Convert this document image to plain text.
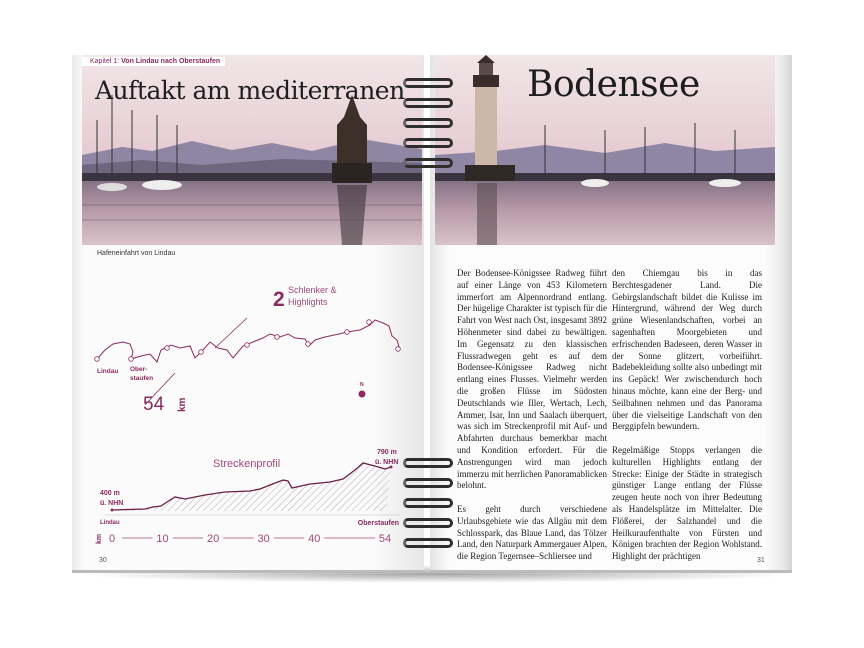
Kapitel 1: Von Lindau nach Oberstaufen
Auftakt am mediterranen	Bodensee
Hafeneinfahrt von Lindau
Lindau Ober-
staufen
2 Schlenker &
Highlights
54 km
N
Streckenprofil
400 m
ü. NHN
790 m
ü. NHN
Lindau	Oberstaufen
km 0	10	20	30	40	54

Der Bodensee-Königssee Radweg führt auf einer Länge von 453 Kilometern immerfort am Alpennordrand entlang. Der hügelige Charakter ist typisch für die Fahrt von West nach Ost, insgesamt 3892 Höhenmeter sind dabei zu bewältigen. Im Gegensatz zu den klassischen Flussradwegen geht es auf dem Bodensee-Königssee Radweg nicht entlang eines Flusses. Vielmehr werden die großen Flüsse im Südosten Deutschlands wie Iller, Wertach, Lech, Ammer, Isar, Inn und Saalach überquert, was sich im Streckenprofil mit Auf- und Abfahrten durchaus bemerkbar macht und Kondition erfordert. Für die Anstrengungen wird man jedoch immerzu mit herrlichen Panoramablicken belohnt.

Es geht durch verschiedene Urlaubsgebiete wie das Allgäu mit dem Schlosspark, das Blaue Land, das Tölzer Land, den Naturpark Ammergauer Alpen, die Region Tegernsee–Schliersee und

den Chiemgau bis in das Berchtesgadener Land. Die Gebirgslandschaft bildet die Kulisse im Hintergrund, während der Weg durch grüne Wiesenlandschaften, vorbei an sagenhaften Moorgebieten und erfrischenden Badeseen, deren Wasser in der Sonne glitzert, vorbeiführt. Badebekleidung sollte also unbedingt mit ins Gepäck! Wer zwischendurch hoch hinaus möchte, kann eine der Berg- und Seilbahnen nehmen und das Panorama über die vielseitige Landschaft von den Berggipfeln bewundern.

Regelmäßige Stopps verlangen die kulturellen Highlights entlang der Strecke: Einige der Städte in strategisch günstiger Lange entlang der Flüsse zeugen heute noch von ihrer Bedeutung als Handelsplätze im Mittelalter. Die Flößerei, der Salzhandel und die Heilkuraufenthalte von Fürsten und Königen brachten der Region Wohlstand. Highlight der prächtigen

30	31
